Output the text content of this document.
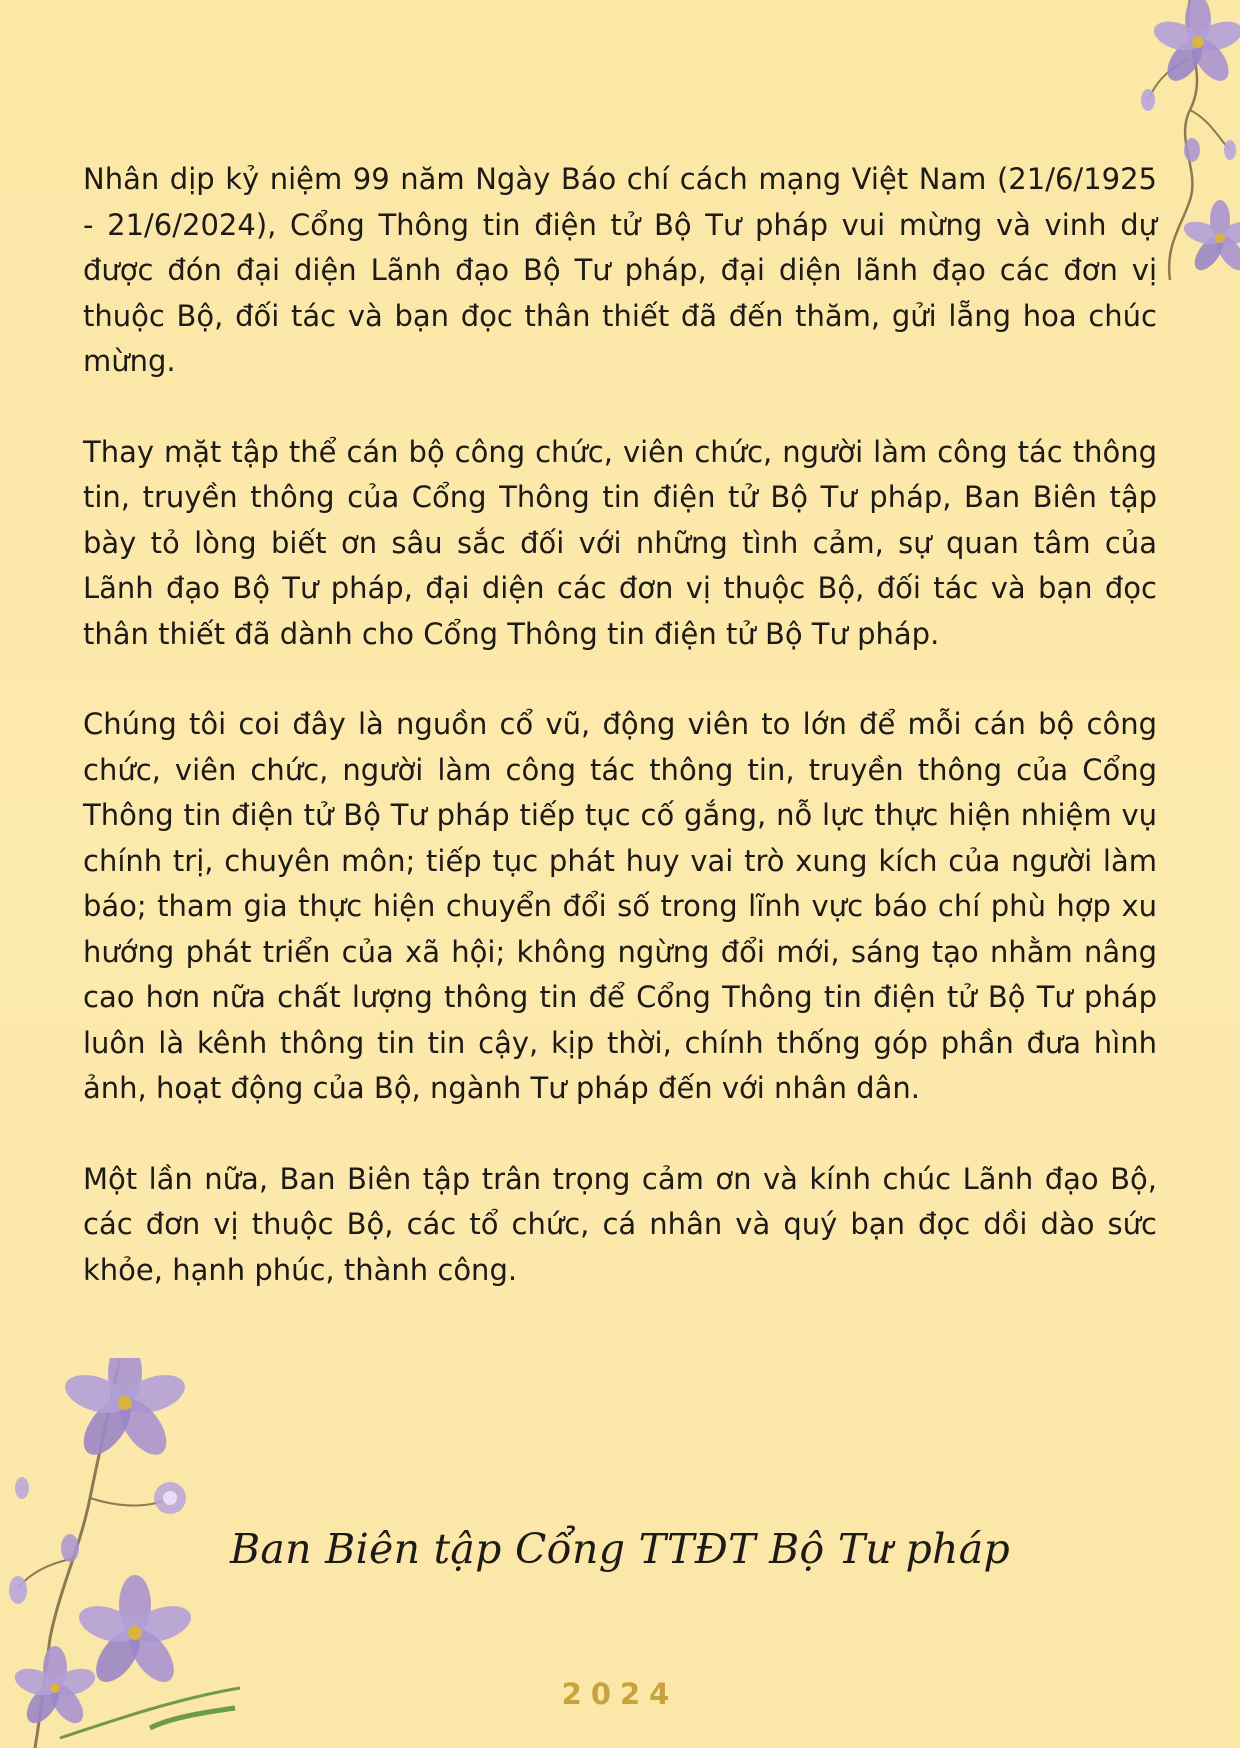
Nhân dịp kỷ niệm 99 năm Ngày Báo chí cách mạng Việt Nam (21/6/1925 - 21/6/2024), Cổng Thông tin điện tử Bộ Tư pháp vui mừng và vinh dự được đón đại diện Lãnh đạo Bộ Tư pháp, đại diện lãnh đạo các đơn vị thuộc Bộ, đối tác và bạn đọc thân thiết đã đến thăm, gửi lẵng hoa chúc mừng.

Thay mặt tập thể cán bộ công chức, viên chức, người làm công tác thông tin, truyền thông của Cổng Thông tin điện tử Bộ Tư pháp, Ban Biên tập bày tỏ lòng biết ơn sâu sắc đối với những tình cảm, sự quan tâm của Lãnh đạo Bộ Tư pháp, đại diện các đơn vị thuộc Bộ, đối tác và bạn đọc thân thiết đã dành cho Cổng Thông tin điện tử Bộ Tư pháp.

Chúng tôi coi đây là nguồn cổ vũ, động viên to lớn để mỗi cán bộ công chức, viên chức, người làm công tác thông tin, truyền thông của Cổng Thông tin điện tử Bộ Tư pháp tiếp tục cố gắng, nỗ lực thực hiện nhiệm vụ chính trị, chuyên môn; tiếp tục phát huy vai trò xung kích của người làm báo; tham gia thực hiện chuyển đổi số trong lĩnh vực báo chí phù hợp xu hướng phát triển của xã hội; không ngừng đổi mới, sáng tạo nhằm nâng cao hơn nữa chất lượng thông tin để Cổng Thông tin điện tử Bộ Tư pháp luôn là kênh thông tin tin cậy, kịp thời, chính thống góp phần đưa hình ảnh, hoạt động của Bộ, ngành Tư pháp đến với nhân dân.

Một lần nữa, Ban Biên tập trân trọng cảm ơn và kính chúc Lãnh đạo Bộ, các đơn vị thuộc Bộ, các tổ chức, cá nhân và quý bạn đọc dồi dào sức khỏe, hạnh phúc, thành công.

Ban Biên tập Cổng TTĐT Bộ Tư pháp
2024
